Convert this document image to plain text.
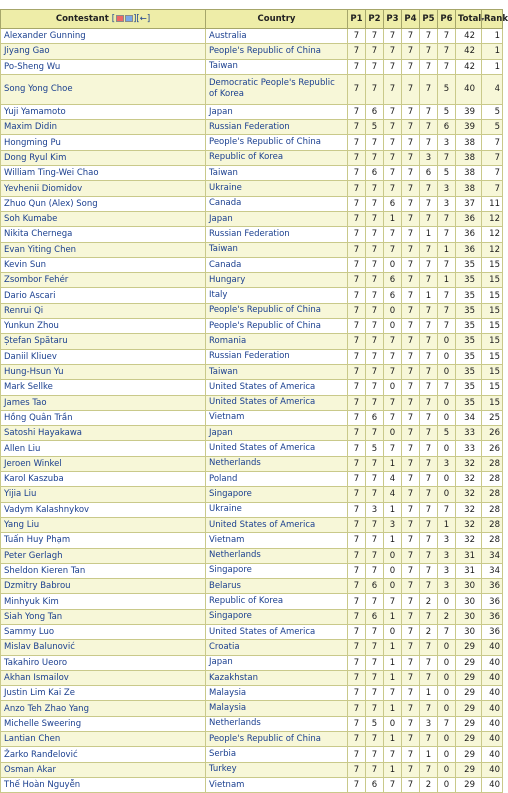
Contestant [ ][←]	Country	P1	P2	P3	P4	P5	P6	Total▾	Rank
Alexander Gunning	Australia	7	7	7	7	7	7	42	1
Jiyang Gao	People's Republic of China	7	7	7	7	7	7	42	1
Po-Sheng Wu	Taiwan	7	7	7	7	7	7	42	1
Song Yong Choe	Democratic People's Republic of Korea	7	7	7	7	7	5	40	4
Yuji Yamamoto	Japan	7	6	7	7	7	5	39	5
Maxim Didin	Russian Federation	7	5	7	7	7	6	39	5
Hongming Pu	People's Republic of China	7	7	7	7	7	3	38	7
Dong Ryul Kim	Republic of Korea	7	7	7	7	3	7	38	7
William Ting-Wei Chao	Taiwan	7	6	7	7	6	5	38	7
Yevhenii Diomidov	Ukraine	7	7	7	7	7	3	38	7
Zhuo Qun (Alex) Song	Canada	7	7	6	7	7	3	37	11
Soh Kumabe	Japan	7	7	1	7	7	7	36	12
Nikita Chernega	Russian Federation	7	7	7	7	1	7	36	12
Evan Yiting Chen	Taiwan	7	7	7	7	7	1	36	12
Kevin Sun	Canada	7	7	0	7	7	7	35	15
Zsombor Fehér	Hungary	7	7	6	7	7	1	35	15
Dario Ascari	Italy	7	7	6	7	1	7	35	15
Renrui Qi	People's Republic of China	7	7	0	7	7	7	35	15
Yunkun Zhou	People's Republic of China	7	7	0	7	7	7	35	15
Ștefan Spătaru	Romania	7	7	7	7	7	0	35	15
Daniil Kliuev	Russian Federation	7	7	7	7	7	0	35	15
Hung-Hsun Yu	Taiwan	7	7	7	7	7	0	35	15
Mark Sellke	United States of America	7	7	0	7	7	7	35	15
James Tao	United States of America	7	7	7	7	7	0	35	15
Hồng Quân Trần	Vietnam	7	6	7	7	7	0	34	25
Satoshi Hayakawa	Japan	7	7	0	7	7	5	33	26
Allen Liu	United States of America	7	5	7	7	7	0	33	26
Jeroen Winkel	Netherlands	7	7	1	7	7	3	32	28
Karol Kaszuba	Poland	7	7	4	7	7	0	32	28
Yijia Liu	Singapore	7	7	4	7	7	0	32	28
Vadym Kalashnykov	Ukraine	7	3	1	7	7	7	32	28
Yang Liu	United States of America	7	7	3	7	7	1	32	28
Tuấn Huy Phạm	Vietnam	7	7	1	7	7	3	32	28
Peter Gerlagh	Netherlands	7	7	0	7	7	3	31	34
Sheldon Kieren Tan	Singapore	7	7	0	7	7	3	31	34
Dzmitry Babrou	Belarus	7	6	0	7	7	3	30	36
Minhyuk Kim	Republic of Korea	7	7	7	7	2	0	30	36
Siah Yong Tan	Singapore	7	6	1	7	7	2	30	36
Sammy Luo	United States of America	7	7	0	7	2	7	30	36
Mislav Balunović	Croatia	7	7	1	7	7	0	29	40
Takahiro Ueoro	Japan	7	7	1	7	7	0	29	40
Akhan Ismailov	Kazakhstan	7	7	1	7	7	0	29	40
Justin Lim Kai Ze	Malaysia	7	7	7	7	1	0	29	40
Anzo Teh Zhao Yang	Malaysia	7	7	1	7	7	0	29	40
Michelle Sweering	Netherlands	7	5	0	7	3	7	29	40
Lantian Chen	People's Republic of China	7	7	1	7	7	0	29	40
Žarko Ranđelović	Serbia	7	7	7	7	1	0	29	40
Osman Akar	Turkey	7	7	1	7	7	0	29	40
Thế Hoàn Nguyễn	Vietnam	7	6	7	7	2	0	29	40
